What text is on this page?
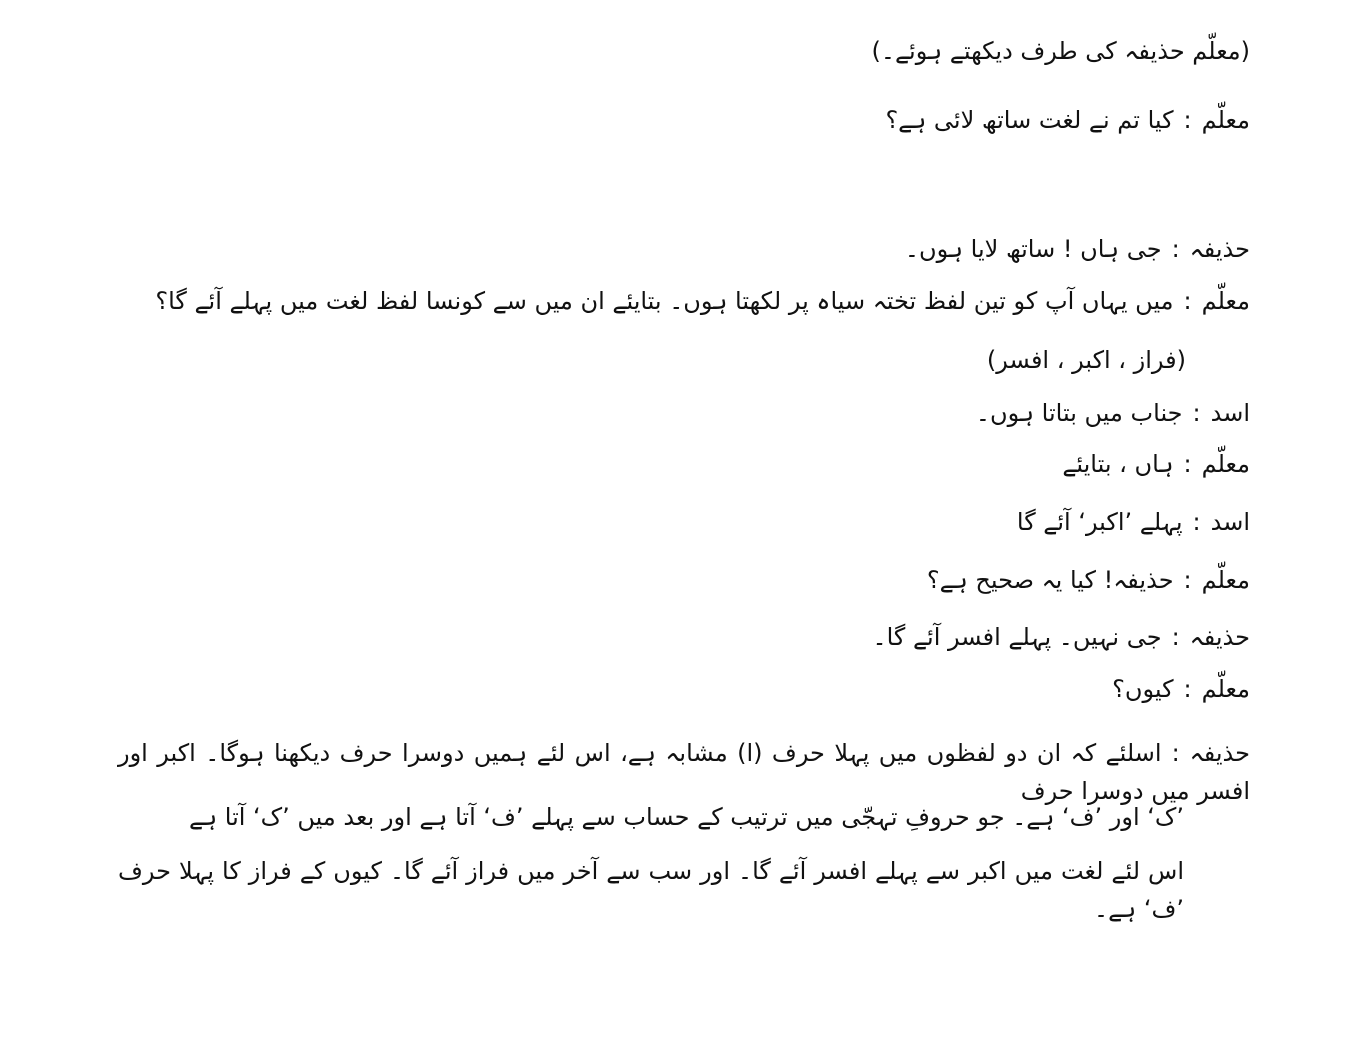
(معلّم حذیفہ کی طرف دیکھتے ہوئے۔)
معلّم:کیا تم نے لغت ساتھ لائی ہے؟
حذیفہ:جی ہاں ! ساتھ لایا ہوں۔
معلّم:میں یہاں آپ کو تین لفظ تختہ سیاہ پر لکھتا ہوں۔ بتایئے ان میں سے کونسا لفظ لغت میں پہلے آئے گا؟
(فراز ، اکبر ، افسر)
اسد:جناب میں بتاتا ہوں۔
معلّم:ہاں ، بتایئے
اسد:پہلے ’اکبر‘ آئے گا
معلّم:حذیفہ! کیا یہ صحیح ہے؟
حذیفہ:جی نہیں۔ پہلے افسر آئے گا۔
معلّم:کیوں؟
حذیفہ:اسلئے کہ ان دو لفظوں میں پہلا حرف (ا) مشابہ ہے، اس لئے ہمیں دوسرا حرف دیکھنا ہوگا۔ اکبر اور افسر میں دوسرا حرف
’ک‘ اور ’ف‘ ہے۔ جو حروفِ تہجّی میں ترتیب کے حساب سے پہلے ’ف‘ آتا ہے اور بعد میں ’ک‘ آتا ہے
اس لئے لغت میں اکبر سے پہلے افسر آئے گا۔ اور سب سے آخر میں فراز آئے گا۔ کیوں کے فراز کا پہلا حرف ’ف‘ ہے۔
